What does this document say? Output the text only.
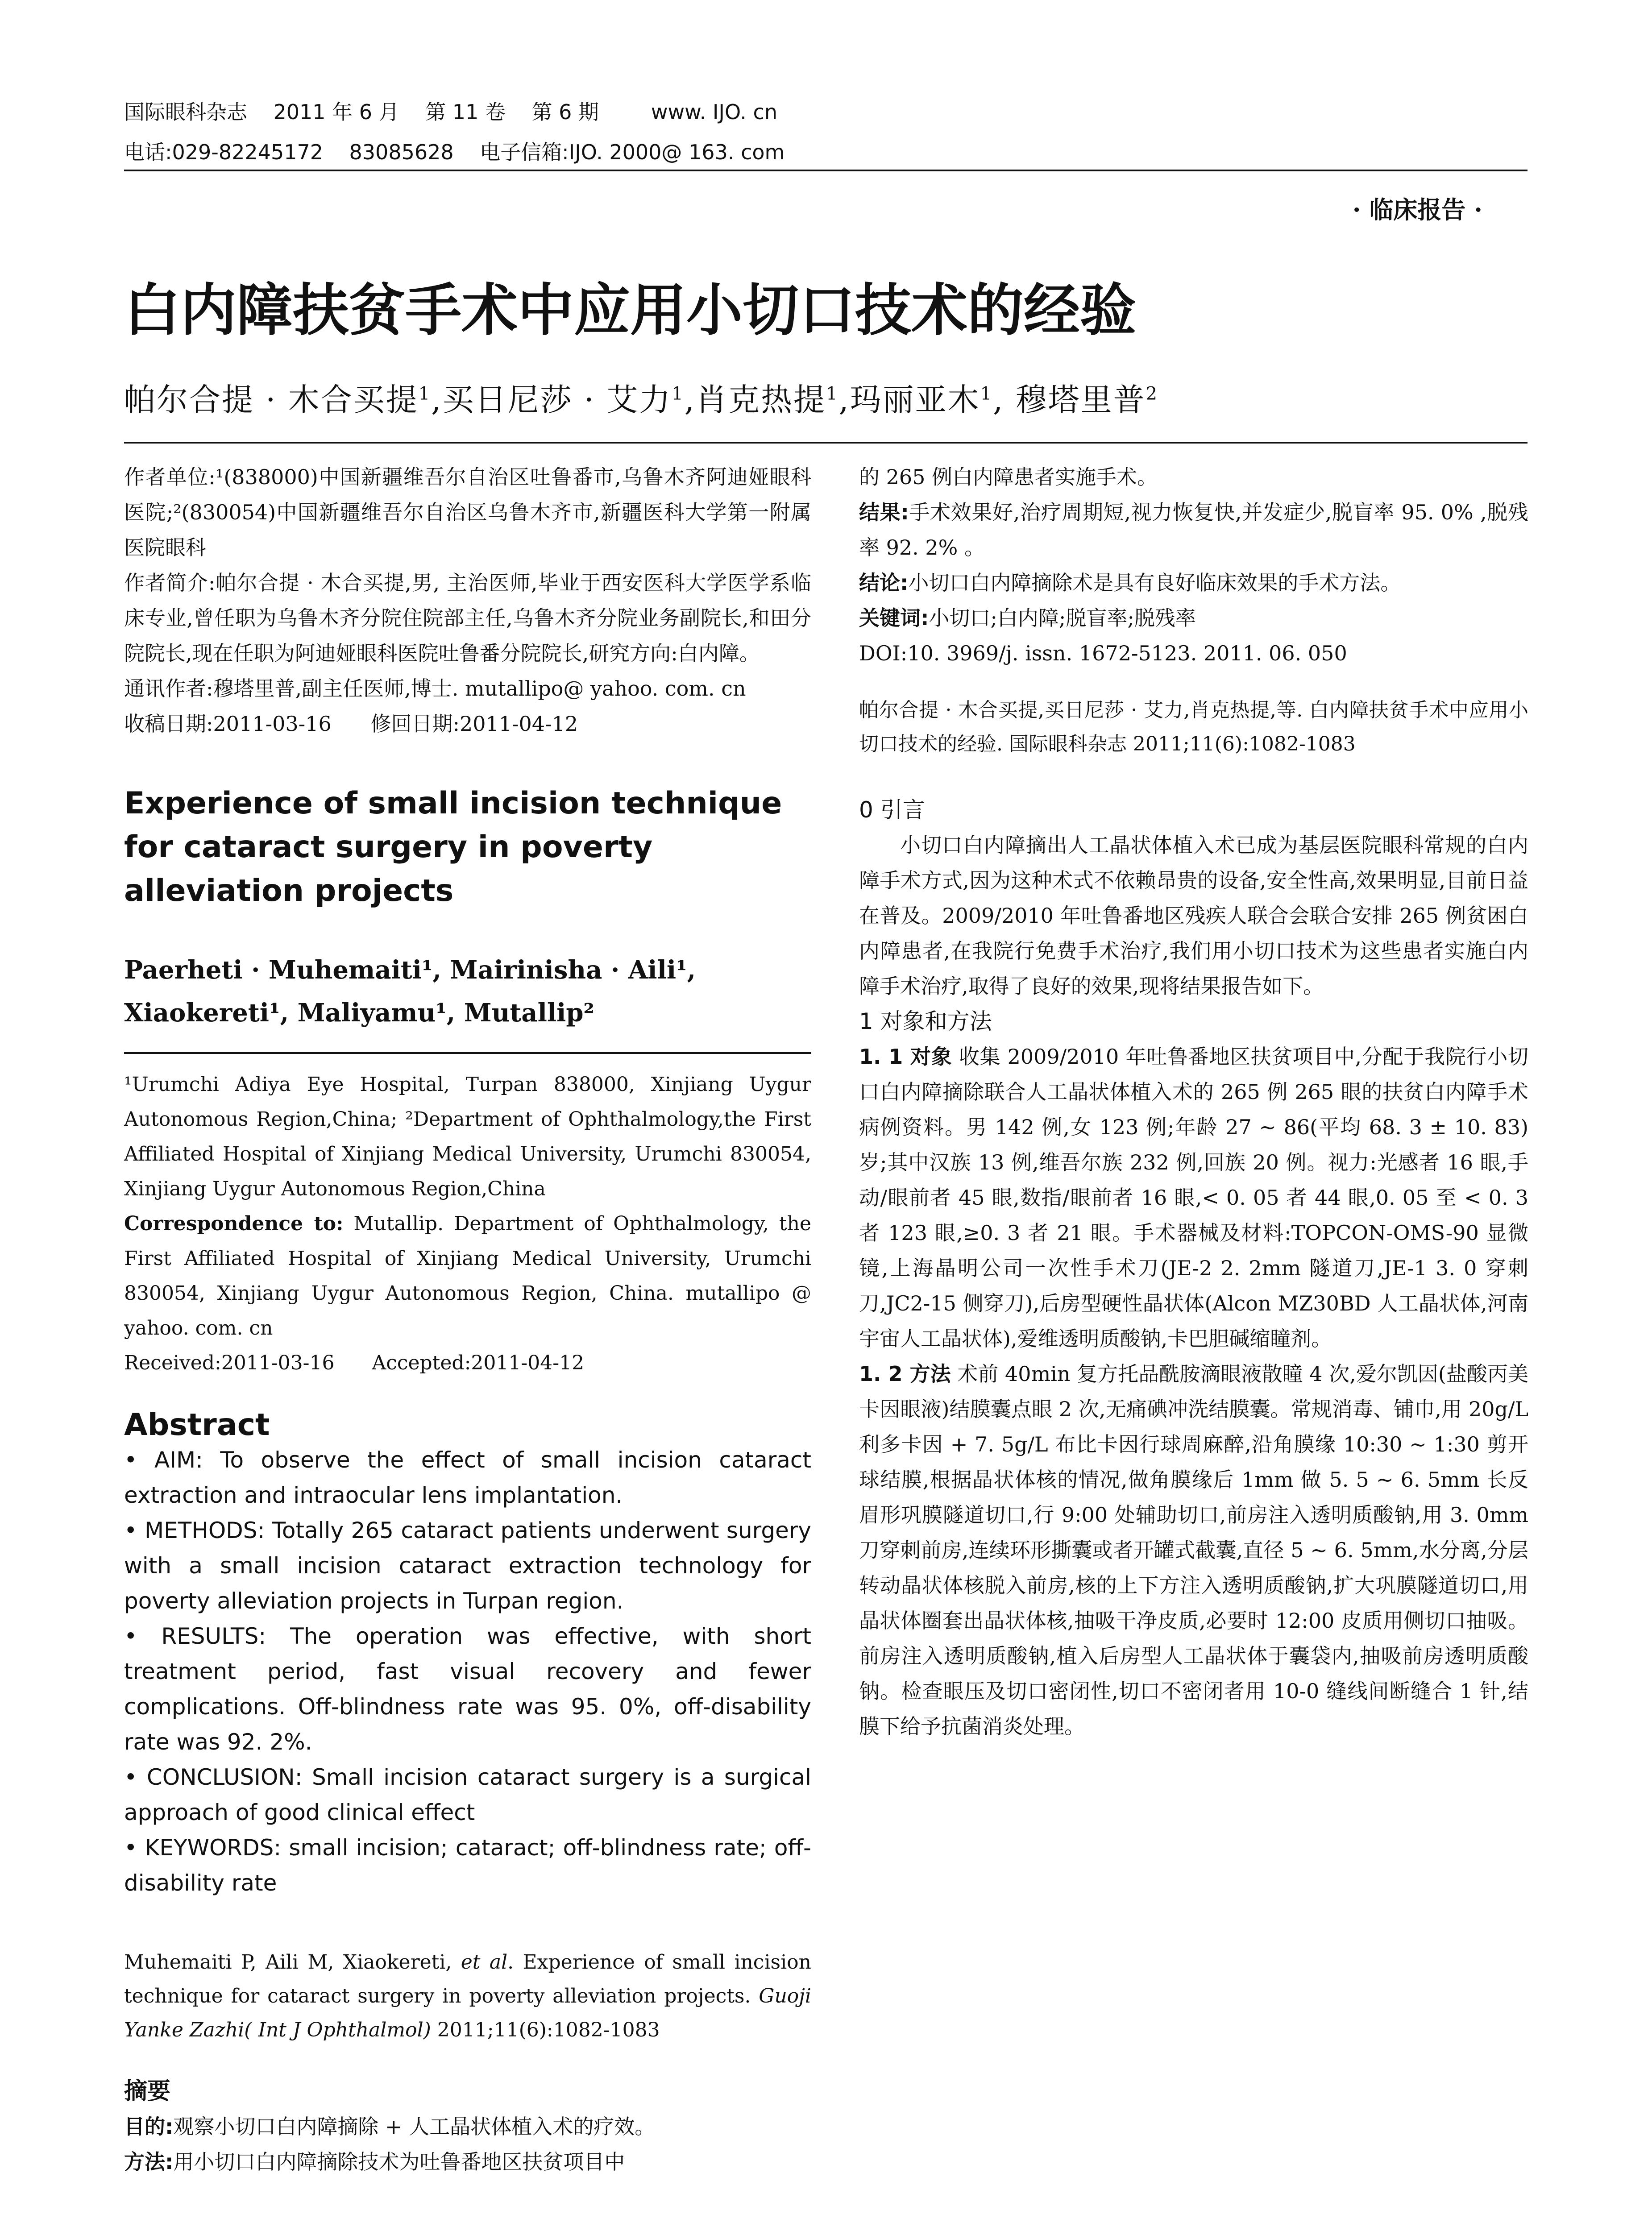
国际眼科杂志    2011 年 6 月    第 11 卷    第 6 期        www. IJO. cn
电话:029-82245172    83085628    电子信箱:IJO. 2000@ 163. com
· 临床报告 ·
白内障扶贫手术中应用小切口技术的经验
帕尔合提 · 木合买提$^1$,买日尼莎 · 艾力$^1$,肖克热提$^1$,玛丽亚木$^1$, 穆塔里普$^2$

作者单位:¹(838000)中国新疆维吾尔自治区吐鲁番市,乌鲁木齐阿迪娅眼科医院;²(830054)中国新疆维吾尔自治区乌鲁木齐市,新疆医科大学第一附属医院眼科

作者简介:帕尔合提 · 木合买提,男, 主治医师,毕业于西安医科大学医学系临床专业,曾任职为乌鲁木齐分院住院部主任,乌鲁木齐分院业务副院长,和田分院院长,现在任职为阿迪娅眼科医院吐鲁番分院院长,研究方向:白内障。

通讯作者:穆塔里普,副主任医师,博士. mutallipo@ yahoo. com. cn

收稿日期:2011-03-16      修回日期:2011-04-12

Experience of small incision technique for cataract surgery in poverty alleviation projects
Paerheti · Muhemaiti¹, Mairinisha · Aili¹, Xiaokereti¹, Maliyamu¹, Mutallip²

¹Urumchi Adiya Eye Hospital, Turpan 838000, Xinjiang Uygur Autonomous Region,China; ²Department of Ophthalmology,the First Affiliated Hospital of Xinjiang Medical University, Urumchi 830054, Xinjiang Uygur Autonomous Region,China

Correspondence to: Mutallip. Department of Ophthalmology, the First Affiliated Hospital of Xinjiang Medical University, Urumchi 830054, Xinjiang Uygur Autonomous Region, China. mutallipo @ yahoo. com. cn

Received:2011-03-16      Accepted:2011-04-12

Abstract

• AIM: To observe the effect of small incision cataract extraction and intraocular lens implantation.

• METHODS: Totally 265 cataract patients underwent surgery with a small incision cataract extraction technology for poverty alleviation projects in Turpan region.

• RESULTS: The operation was effective, with short treatment period, fast visual recovery and fewer complications. Off-blindness rate was 95. 0%, off-disability rate was 92. 2%.

• CONCLUSION: Small incision cataract surgery is a surgical approach of good clinical effect

• KEYWORDS: small incision; cataract; off-blindness rate; off-disability rate

Muhemaiti P, Aili M, Xiaokereti, et al. Experience of small incision technique for cataract surgery in poverty alleviation projects. Guoji Yanke Zazhi( Int J Ophthalmol) 2011;11(6):1082-1083

摘要

目的:观察小切口白内障摘除 + 人工晶状体植入术的疗效。

方法:用小切口白内障摘除技术为吐鲁番地区扶贫项目中

的 265 例白内障患者实施手术。

结果:手术效果好,治疗周期短,视力恢复快,并发症少,脱盲率 95. 0% ,脱残率 92. 2% 。

结论:小切口白内障摘除术是具有良好临床效果的手术方法。

关键词:小切口;白内障;脱盲率;脱残率

DOI:10. 3969/j. issn. 1672-5123. 2011. 06. 050

帕尔合提 · 木合买提,买日尼莎 · 艾力,肖克热提,等. 白内障扶贫手术中应用小切口技术的经验. 国际眼科杂志 2011;11(6):1082-1083

0 引言

小切口白内障摘出人工晶状体植入术已成为基层医院眼科常规的白内障手术方式,因为这种术式不依赖昂贵的设备,安全性高,效果明显,目前日益在普及。2009/2010 年吐鲁番地区残疾人联合会联合安排 265 例贫困白内障患者,在我院行免费手术治疗,我们用小切口技术为这些患者实施白内障手术治疗,取得了良好的效果,现将结果报告如下。

1 对象和方法

1. 1 对象 收集 2009/2010 年吐鲁番地区扶贫项目中,分配于我院行小切口白内障摘除联合人工晶状体植入术的 265 例 265 眼的扶贫白内障手术病例资料。男 142 例,女 123 例;年龄 27 ~ 86(平均 68. 3 ± 10. 83)岁;其中汉族 13 例,维吾尔族 232 例,回族 20 例。视力:光感者 16 眼,手动/眼前者 45 眼,数指/眼前者 16 眼,< 0. 05 者 44 眼,0. 05 至 < 0. 3 者 123 眼,≥0. 3 者 21 眼。手术器械及材料:TOPCON-OMS-90 显微镜,上海晶明公司一次性手术刀(JE-2 2. 2mm 隧道刀,JE-1 3. 0 穿刺刀,JC2-15 侧穿刀),后房型硬性晶状体(Alcon MZ30BD 人工晶状体,河南宇宙人工晶状体),爱维透明质酸钠,卡巴胆碱缩瞳剂。

1. 2 方法 术前 40min 复方托品酰胺滴眼液散瞳 4 次,爱尔凯因(盐酸丙美卡因眼液)结膜囊点眼 2 次,无痛碘冲洗结膜囊。常规消毒、铺巾,用 20g/L 利多卡因 + 7. 5g/L 布比卡因行球周麻醉,沿角膜缘 10:30 ~ 1:30 剪开球结膜,根据晶状体核的情况,做角膜缘后 1mm 做 5. 5 ~ 6. 5mm 长反眉形巩膜隧道切口,行 9:00 处辅助切口,前房注入透明质酸钠,用 3. 0mm 刀穿刺前房,连续环形撕囊或者开罐式截囊,直径 5 ~ 6. 5mm,水分离,分层转动晶状体核脱入前房,核的上下方注入透明质酸钠,扩大巩膜隧道切口,用晶状体圈套出晶状体核,抽吸干净皮质,必要时 12:00 皮质用侧切口抽吸。前房注入透明质酸钠,植入后房型人工晶状体于囊袋内,抽吸前房透明质酸钠。检查眼压及切口密闭性,切口不密闭者用 10-0 缝线间断缝合 1 针,结膜下给予抗菌消炎处理。
